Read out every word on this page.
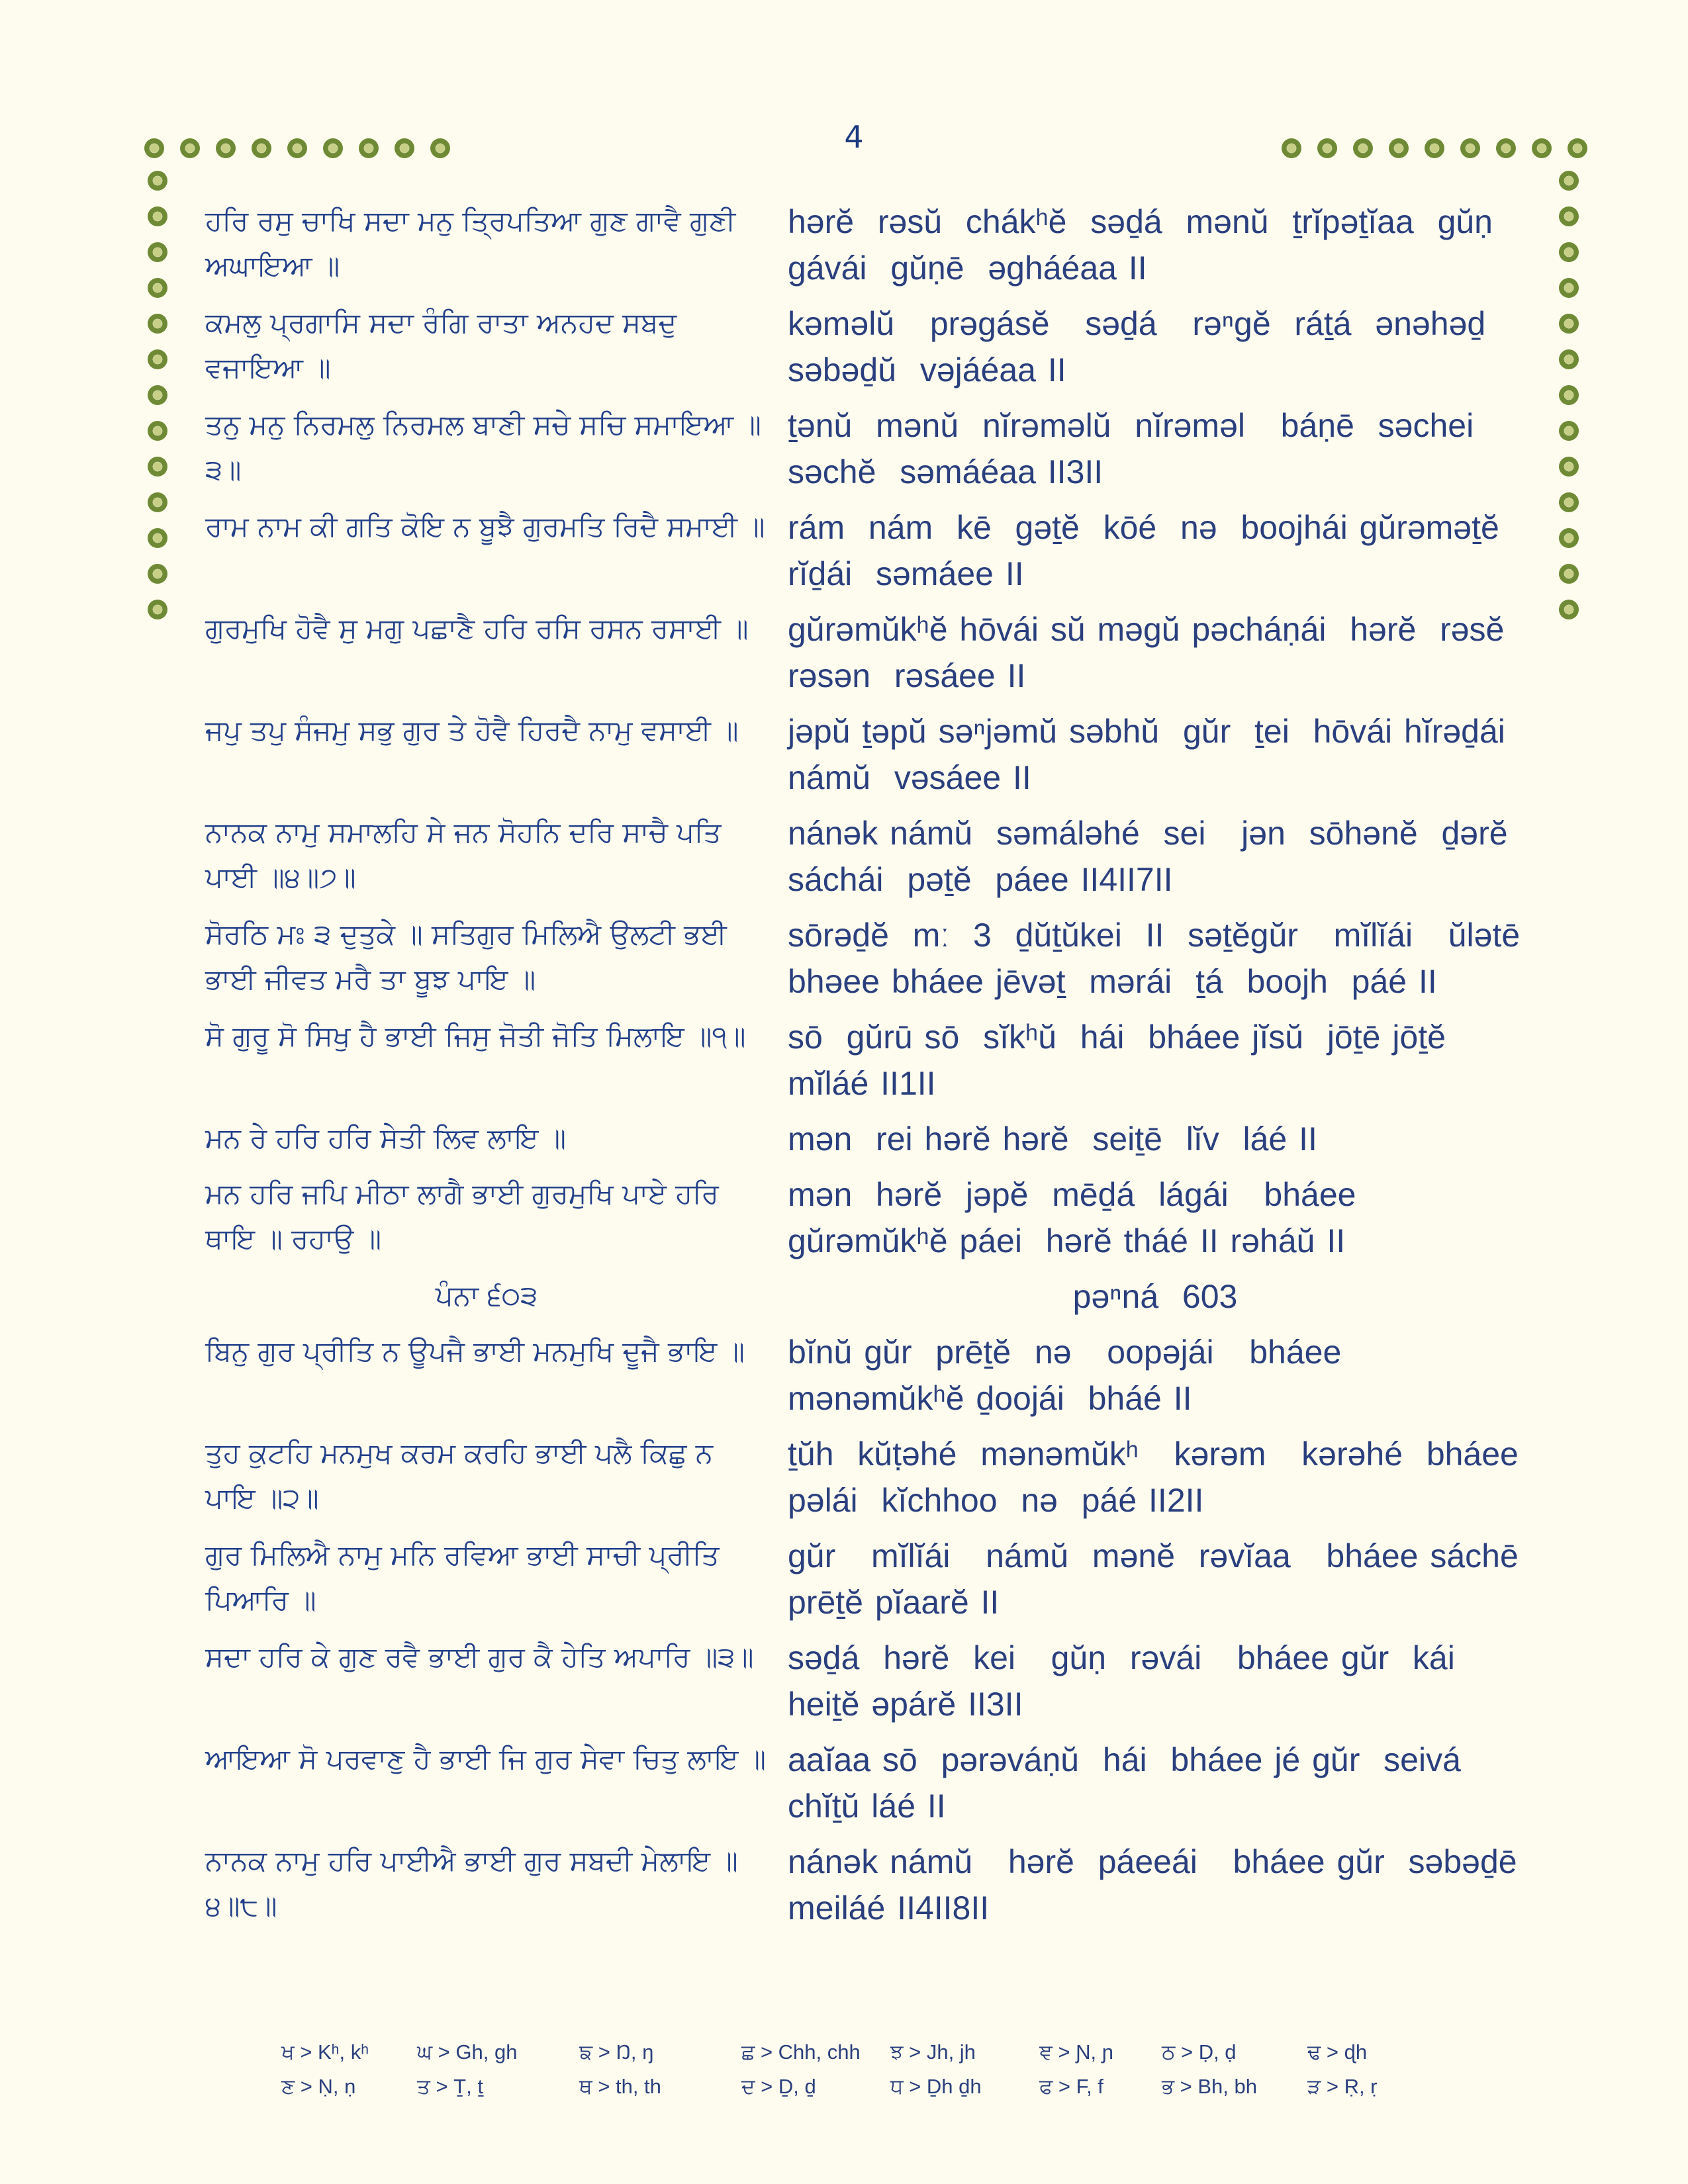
4
ਹਰਿ ਰਸੁ ਚਾਖਿ ਸਦਾ ਮਨੁ ਤ੍ਰਿਪਤਿਆ ਗੁਣ ਗਾਵੈ ਗੁਣੀ ਅਘਾਇਆ ॥
hərĕ  rəsŭ  chákʰĕ  səḏá  mənŭ  ṯrĭpəṯĭaa  gŭṇ gávái  gŭṇē  əgháéaa II
ਕਮਲੁ ਪ੍ਰਗਾਸਿ ਸਦਾ ਰੰਗਿ ਰਾਤਾ ਅਨਹਦ ਸਬਦੁ ਵਜਾਇਆ ॥
kəməlŭ   prəgásĕ   səḏá   rəⁿgĕ  ráṯá  ənəhəḏ səbəḏŭ  vəjáéaa II
ਤਨੁ ਮਨੁ ਨਿਰਮਲੁ ਨਿਰਮਲ ਬਾਣੀ ਸਚੇ ਸਚਿ ਸਮਾਇਆ ॥੩॥
ṯənŭ  mənŭ  nĭrəməlŭ  nĭrəməl   báṇē  səchei səchĕ  səmáéaa II3II
ਰਾਮ ਨਾਮ ਕੀ ਗਤਿ ਕੋਇ ਨ ਬੂਝੈ ਗੁਰਮਤਿ ਰਿਦੈ ਸਮਾਈ ॥ rám  nám  kē  gəṯĕ  kōé  nə  boojhái gŭrəməṯĕ rĭḏái  səmáee II
ਗੁਰਮੁਖਿ ਹੋਵੈ ਸੁ ਮਗੁ ਪਛਾਣੈ ਹਰਿ ਰਸਿ ਰਸਨ ਰਸਾਈ ॥	gŭrəmŭkʰĕ hōvái sŭ məgŭ pəcháṇái  hərĕ  rəsĕ rəsən  rəsáee II
ਜਪੁ ਤਪੁ ਸੰਜਮੁ ਸਭੁ ਗੁਰ ਤੇ ਹੋਵੈ ਹਿਰਦੈ ਨਾਮੁ ਵਸਾਈ ॥	jəpŭ ṯəpŭ səⁿjəmŭ səbhŭ  gŭr  ṯei  hōvái hĭrəḏái námŭ  vəsáee II
ਨਾਨਕ ਨਾਮੁ ਸਮਾਲਹਿ ਸੇ ਜਨ ਸੋਹਨਿ ਦਰਿ ਸਾਚੈ ਪਤਿ ਪਾਈ ॥੪॥੭॥
nánək námŭ  səmáləhé  sei   jən  sōhənĕ  ḏərĕ sáchái  pəṯĕ  páee II4II7II
ਸੋਰਠਿ ਮਃ ੩ ਦੁਤੁਕੇ ॥ ਸਤਿਗੁਰ ਮਿਲਿਐ ਉਲਟੀ ਭਈ ਭਾਈ ਜੀਵਤ ਮਰੈ ਤਾ ਬੂਝ ਪਾਇ ॥
sōrəḏĕ  mː  3  ḏŭṯŭkei  II  səṯĕgŭr   mĭlĭái   ŭlətē bhəee bháee jēvəṯ  mərái  ṯá  boojh  páé II
ਸੋ ਗੁਰੂ ਸੋ ਸਿਖੁ ਹੈ ਭਾਈ ਜਿਸੁ ਜੋਤੀ ਜੋਤਿ ਮਿਲਾਇ ॥੧॥	sō  gŭrū sō  sĭkʰŭ  hái  bháee jĭsŭ  jōṯē jōṯĕ  mĭláé II1II
ਮਨ ਰੇ ਹਰਿ ਹਰਿ ਸੇਤੀ ਲਿਵ ਲਾਇ ॥	mən  rei hərĕ hərĕ  seiṯē  lĭv  láé II
ਮਨ ਹਰਿ ਜਪਿ ਮੀਠਾ ਲਾਗੈ ਭਾਈ ਗੁਰਮੁਖਿ ਪਾਏ ਹਰਿ ਥਾਇ ॥ ਰਹਾਉ ॥
mən  hərĕ  jəpĕ  mēḏá  lágái   bháee gŭrəmŭkʰĕ páei  hərĕ tháé II rəháŭ II
ਪੰਨਾ ੬੦੩	pəⁿná  603
ਬਿਨੁ ਗੁਰ ਪ੍ਰੀਤਿ ਨ ਊਪਜੈ ਭਾਈ ਮਨਮੁਖਿ ਦੂਜੈ ਭਾਇ ॥	bĭnŭ gŭr  prēṯĕ  nə   oopəjái   bháee mənəmŭkʰĕ ḏoojái  bháé II
ਤੁਹ ਕੁਟਹਿ ਮਨਮੁਖ ਕਰਮ ਕਰਹਿ ਭਾਈ ਪਲੈ ਕਿਛੁ ਨ ਪਾਇ ॥੨॥
ṯŭh  kŭṭəhé  mənəmŭkʰ   kərəm   kərəhé  bháee pəlái  kĭchhoo  nə  páé II2II
ਗੁਰ ਮਿਲਿਐ ਨਾਮੁ ਮਨਿ ਰਵਿਆ ਭਾਈ ਸਾਚੀ ਪ੍ਰੀਤਿ ਪਿਆਰਿ ॥
gŭr   mĭlĭái   námŭ  mənĕ  rəvĭaa   bháee sáchē prēṯĕ pĭaarĕ II
ਸਦਾ ਹਰਿ ਕੇ ਗੁਣ ਰਵੈ ਭਾਈ ਗੁਰ ਕੈ ਹੇਤਿ ਅਪਾਰਿ ॥੩॥	səḏá  hərĕ  kei   gŭṇ  rəvái   bháee gŭr  kái   heiṯĕ əpárĕ II3II
ਆਇਆ ਸੋ ਪਰਵਾਣੁ ਹੈ ਭਾਈ ਜਿ ਗੁਰ ਸੇਵਾ ਚਿਤੁ ਲਾਇ ॥ aaĭaa sō  pərəváṇŭ  hái  bháee jé gŭr  seivá  chĭṯŭ láé II
ਨਾਨਕ ਨਾਮੁ ਹਰਿ ਪਾਈਐ ਭਾਈ ਗੁਰ ਸਬਦੀ ਮੇਲਾਇ ॥੪॥੮॥
nánək námŭ   hərĕ  páeeái   bháee gŭr  səbəḏē meiláé II4II8II
ਖ > Kʰ, kʰ	ਘ > Gh, gh	ਙ > Ŋ, ŋ	ਛ > Chh, chh	ਝ > Jh, jh	ਞ > Ɲ, ɲ	ਠ > Ḍ, ḍ	ਢ > ɖh
ਣ > Ṇ, ṇ	ਤ > Ṯ, ṯ	ਥ > th, th	ਦ > Ḏ, ḏ	ਧ > Ḏh ḏh	ਫ > F, f	ਭ > Bh, bh	ੜ > Ṛ, ṛ
